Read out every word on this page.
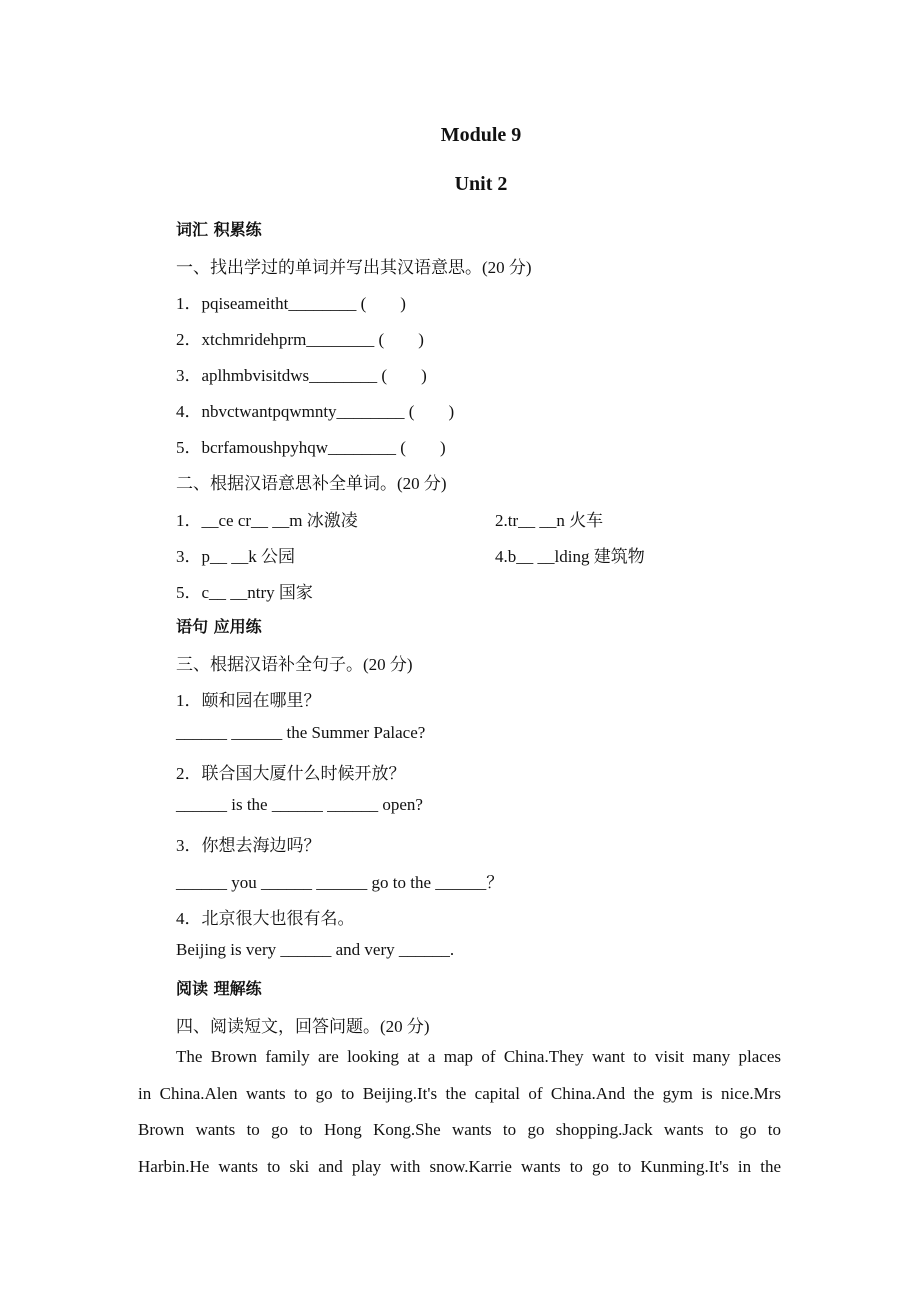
Module 9
Unit 2
词汇 积累练
一、找出学过的单词并写出其汉语意思。(20 分)
1．pqiseameitht________ (　　)
2．xtchmridehprm________ (　　)
3．aplhmbvisitdws________ (　　)
4．nbvctwantpqwmnty________ (　　)
5．bcrfamoushpyhqw________ (　　)
二、根据汉语意思补全单词。(20 分)
1．__ce cr__ __m 冰激凌	2.tr__ __n 火车
3．p__ __k 公园	4.b__ __lding 建筑物
5．c__ __ntry 国家
语句 应用练
三、根据汉语补全句子。(20 分)
1．颐和园在哪里？
______ ______ the Summer Palace?
2．联合国大厦什么时候开放？
______ is the ______ ______ open?
3．你想去海边吗？
______ you ______ ______ go to the ______？
4．北京很大也很有名。
Beijing is very ______ and very ______.
阅读 理解练
四、阅读短文，回答问题。(20 分)

The Brown family are looking at a map of China.They want to visit many places

in China.Alen wants to go to Beijing.It's the capital of China.And the gym is nice.Mrs

Brown wants to go to Hong Kong.She wants to go shopping.Jack wants to go to

Harbin.He wants to ski and play with snow.Karrie wants to go to Kunming.It's in the
